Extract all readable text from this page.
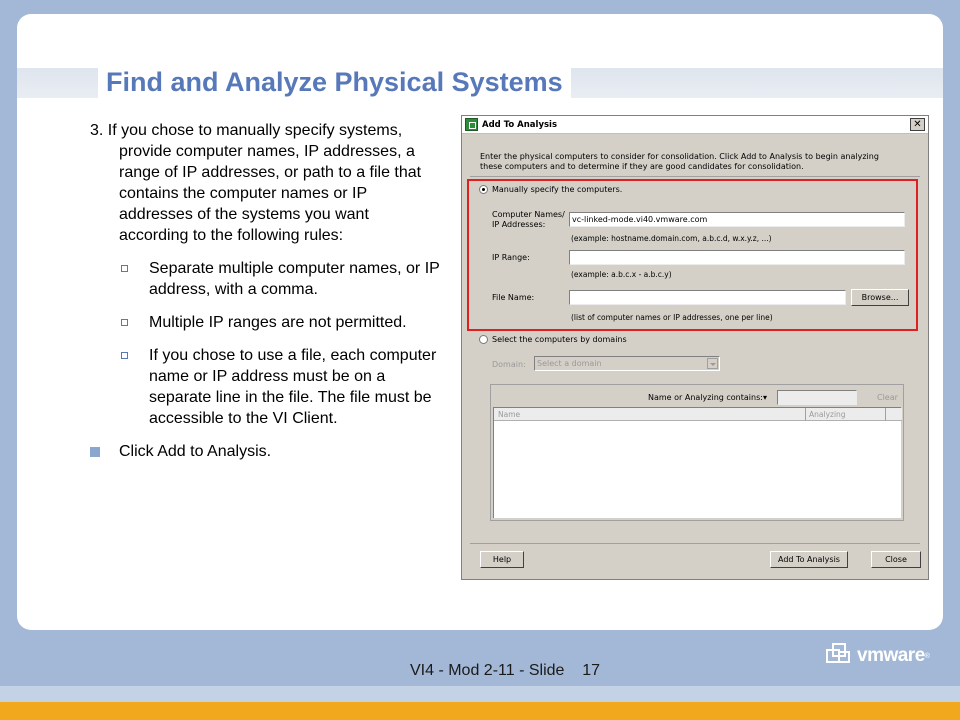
Find and Analyze Physical Systems
3. If you chose to manually specify systems, provide computer names, IP addresses, a range of IP addresses, or path to a file that contains the computer names or IP addresses of the systems you want according to the following rules:
Separate multiple computer names, or IP address, with a comma.
Multiple IP ranges are not permitted.
If you chose to use a file, each computer name or IP address must be on a separate line in the file. The file must be accessible to the VI Client.
Click Add to Analysis.
Add To Analysis	✕
Enter the physical computers to consider for consolidation. Click Add to Analysis to begin analyzing these computers and to determine if they are good candidates for consolidation.
Manually specify the computers.
Computer Names/ IP Addresses:
vc-linked-mode.vi40.vmware.com
(example: hostname.domain.com, a.b.c.d, w.x.y.z, ...)
IP Range:
(example: a.b.c.x - a.b.c.y)
File Name:	Browse...
(list of computer names or IP addresses, one per line)
Select the computers by domains
Domain:	Select a domain
Name or Analyzing contains: ▾	Clear
Name	Analyzing
Help	Add To Analysis	Close
VI4 - Mod 2-11 - Slide 17
vmware ®
